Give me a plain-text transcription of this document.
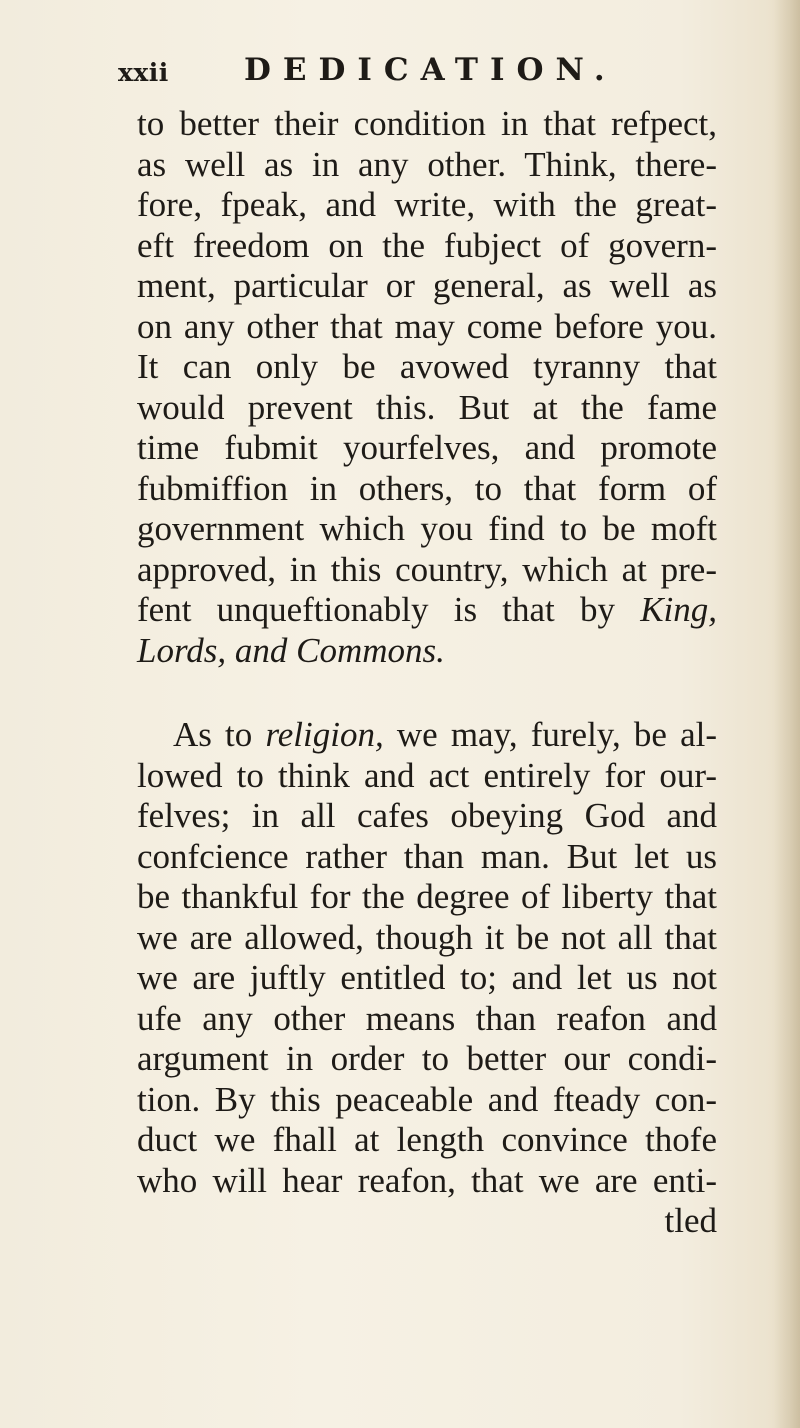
xxii DEDICATION.
to better their condition in that refpect,
as well as in any other. Think, there-
fore, fpeak, and write, with the great-
eft freedom on the fubject of govern-
ment, particular or general, as well as
on any other that may come before you.
It can only be avowed tyranny that
would prevent this. But at the fame
time fubmit yourfelves, and promote
fubmiffion in others, to that form of
government which you find to be moft
approved, in this country, which at pre-
fent unqueftionably is that by King,
Lords, and Commons.
As to religion, we may, furely, be al-
lowed to think and act entirely for our-
felves; in all cafes obeying God and
confcience rather than man. But let us
be thankful for the degree of liberty that
we are allowed, though it be not all that
we are juftly entitled to; and let us not
ufe any other means than reafon and
argument in order to better our condi-
tion. By this peaceable and fteady con-
duct we fhall at length convince thofe
who will hear reafon, that we are enti-
tled
